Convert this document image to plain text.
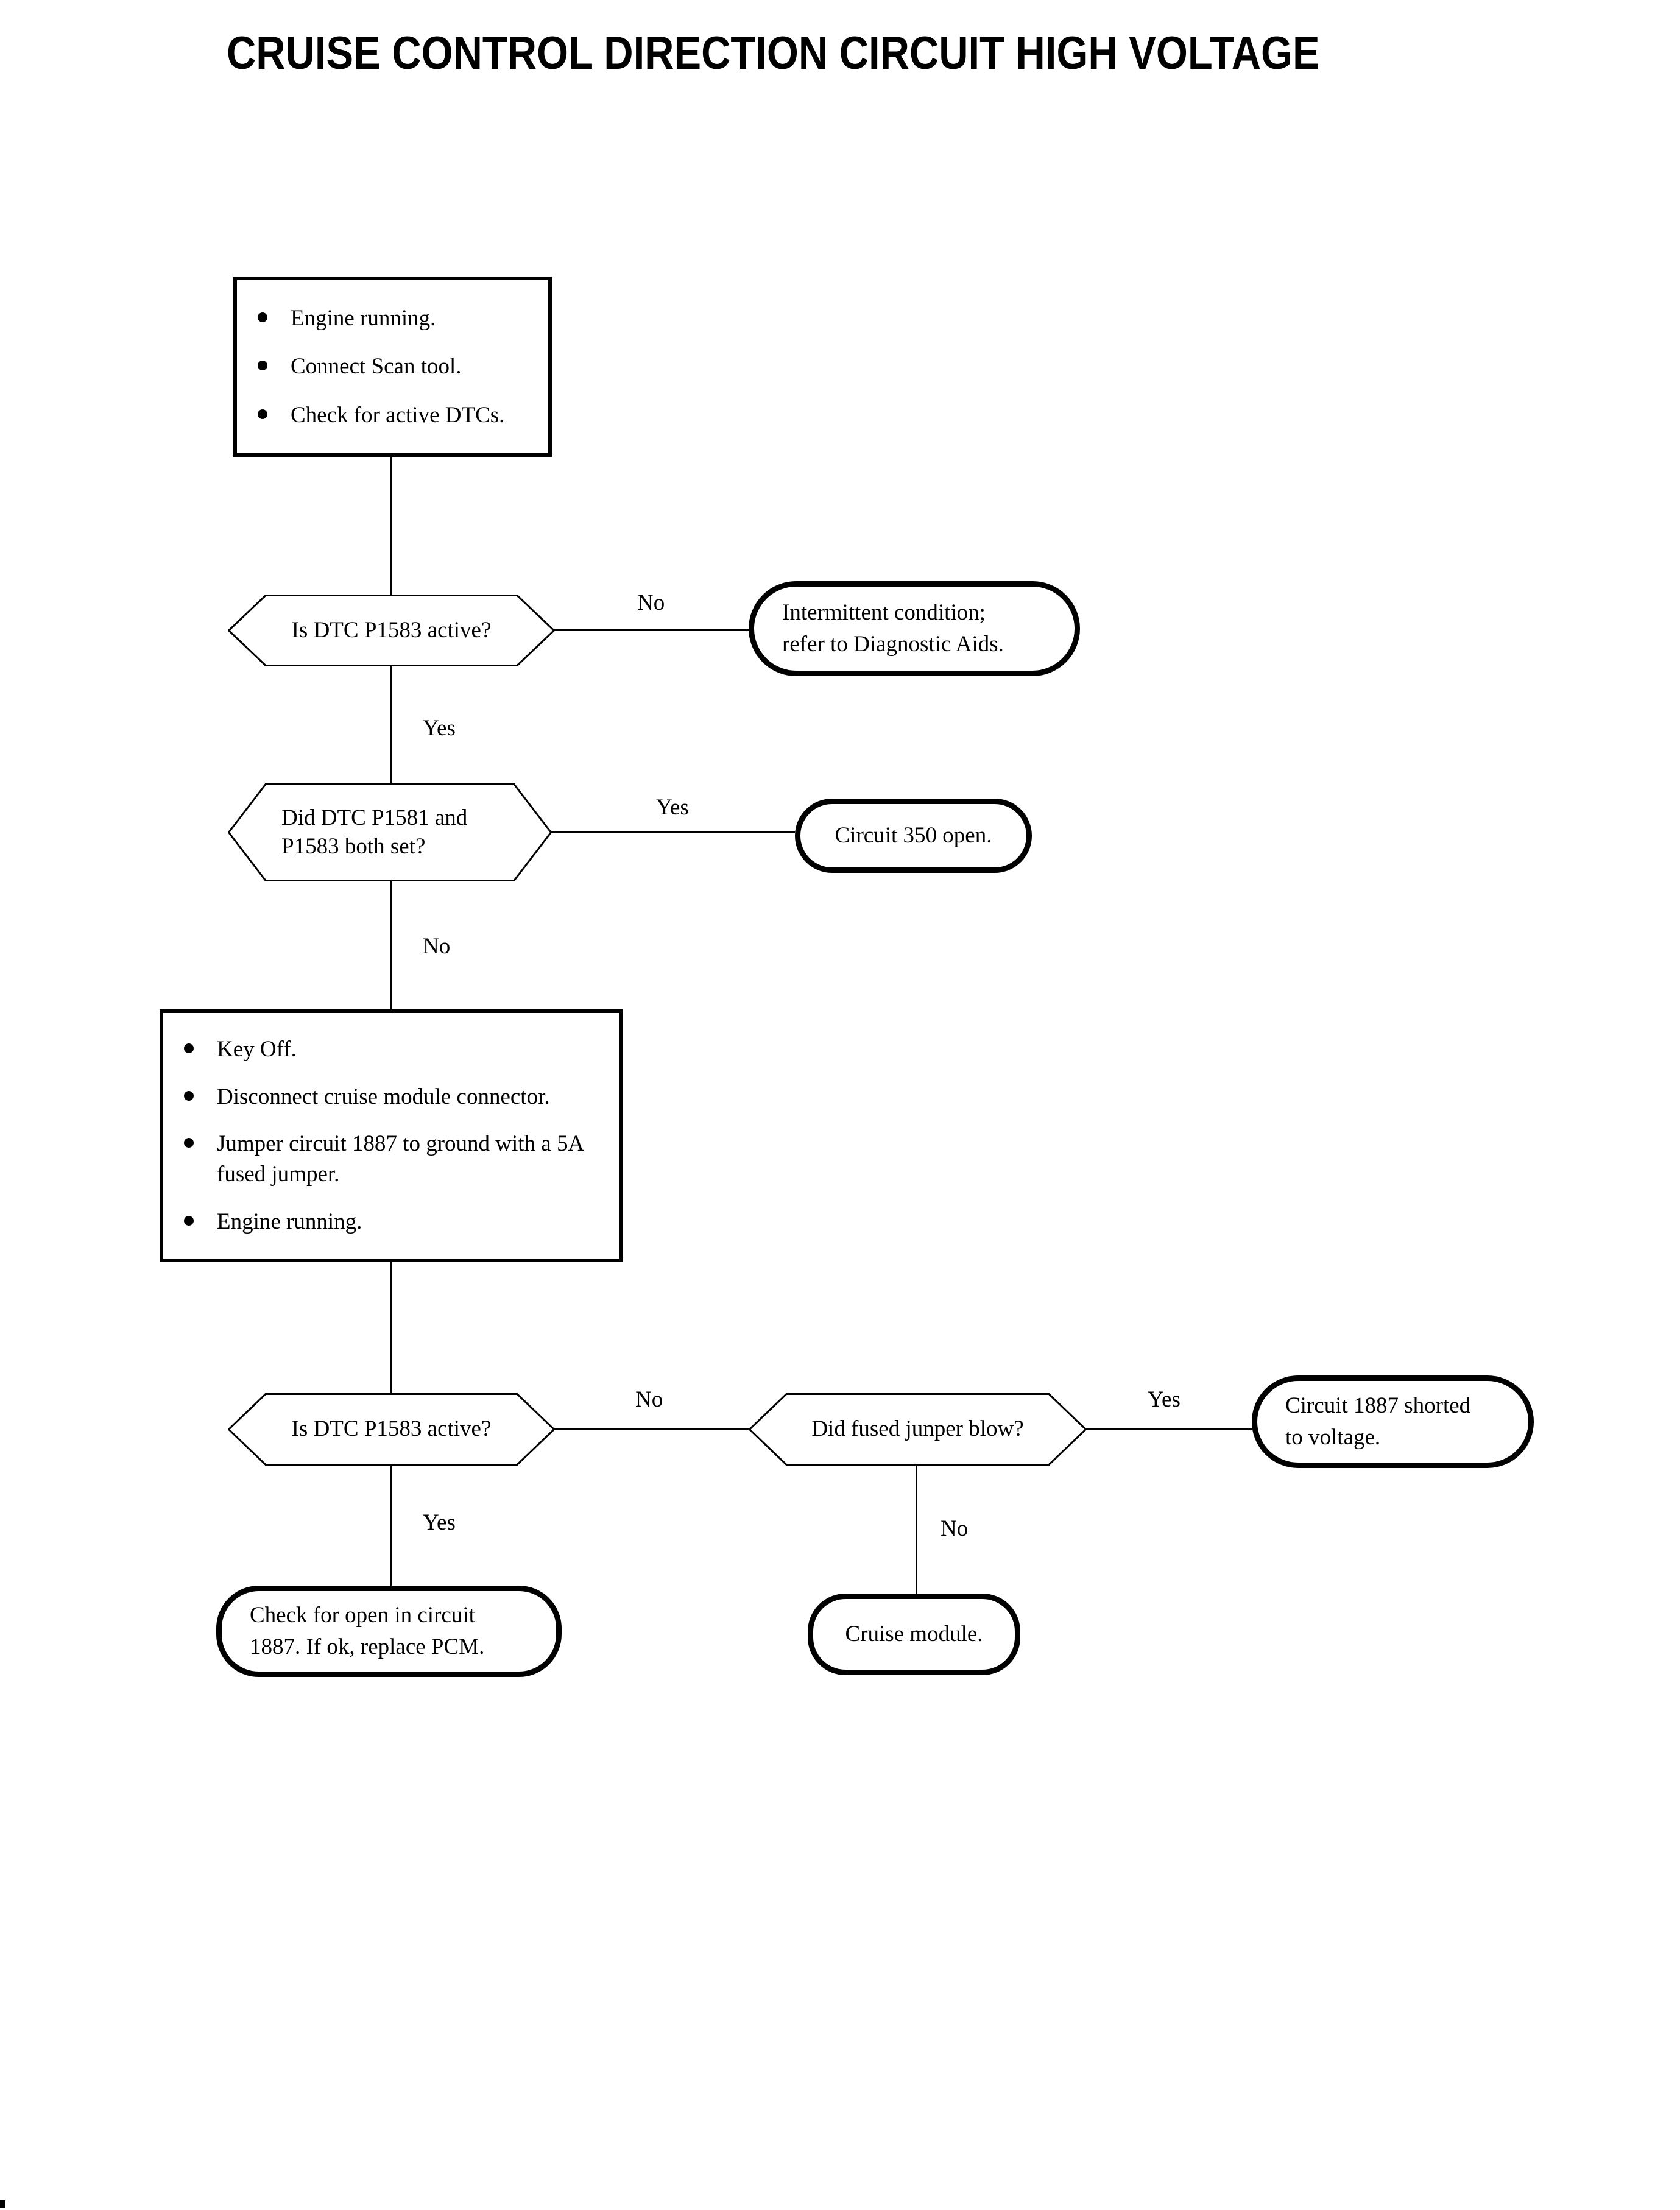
CRUISE CONTROL DIRECTION CIRCUIT HIGH VOLTAGE
Engine running.
Connect Scan tool.
Check for active DTCs.
Is DTC P1583 active?
No	Intermittent condition;
refer to Diagnostic Aids.
Yes
Did DTC P1581 and
P1583 both set?
Yes
Circuit 350 open.
No
Key Off.
Disconnect cruise module connector.
Jumper circuit 1887 to ground with a 5A fused jumper.
Engine running.
Is DTC P1583 active?
No
Did fused junper blow?
Yes	Circuit 1887 shorted
to voltage.
Yes
Check for open in circuit
1887. If ok, replace PCM.
No
Cruise module.
